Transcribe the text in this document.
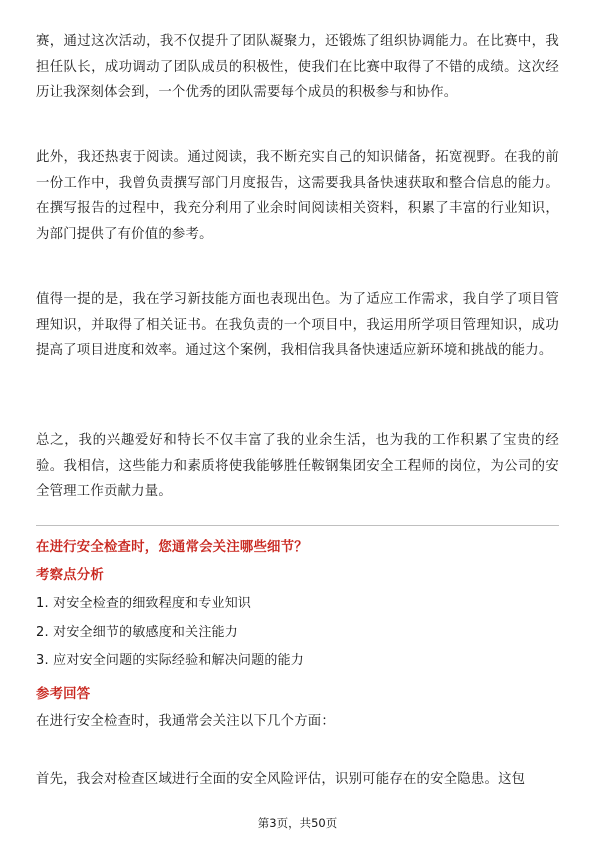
赛，通过这次活动，我不仅提升了团队凝聚力，还锻炼了组织协调能力。在比赛中，我担任队长，成功调动了团队成员的积极性，使我们在比赛中取得了不错的成绩。这次经历让我深刻体会到，一个优秀的团队需要每个成员的积极参与和协作。

此外，我还热衷于阅读。通过阅读，我不断充实自己的知识储备，拓宽视野。在我的前一份工作中，我曾负责撰写部门月度报告，这需要我具备快速获取和整合信息的能力。在撰写报告的过程中，我充分利用了业余时间阅读相关资料，积累了丰富的行业知识，为部门提供了有价值的参考。

值得一提的是，我在学习新技能方面也表现出色。为了适应工作需求，我自学了项目管理知识，并取得了相关证书。在我负责的一个项目中，我运用所学项目管理知识，成功提高了项目进度和效率。通过这个案例，我相信我具备快速适应新环境和挑战的能力。

总之，我的兴趣爱好和特长不仅丰富了我的业余生活，也为我的工作积累了宝贵的经验。我相信，这些能力和素质将使我能够胜任鞍钢集团安全工程师的岗位，为公司的安全管理工作贡献力量。

在进行安全检查时，您通常会关注哪些细节？
考察点分析
1. 对安全检查的细致程度和专业知识
2. 对安全细节的敏感度和关注能力
3. 应对安全问题的实际经验和解决问题的能力
参考回答
在进行安全检查时，我通常会关注以下几个方面：
首先，我会对检查区域进行全面的安全风险评估，识别可能存在的安全隐患。这包
第3页，共50页
